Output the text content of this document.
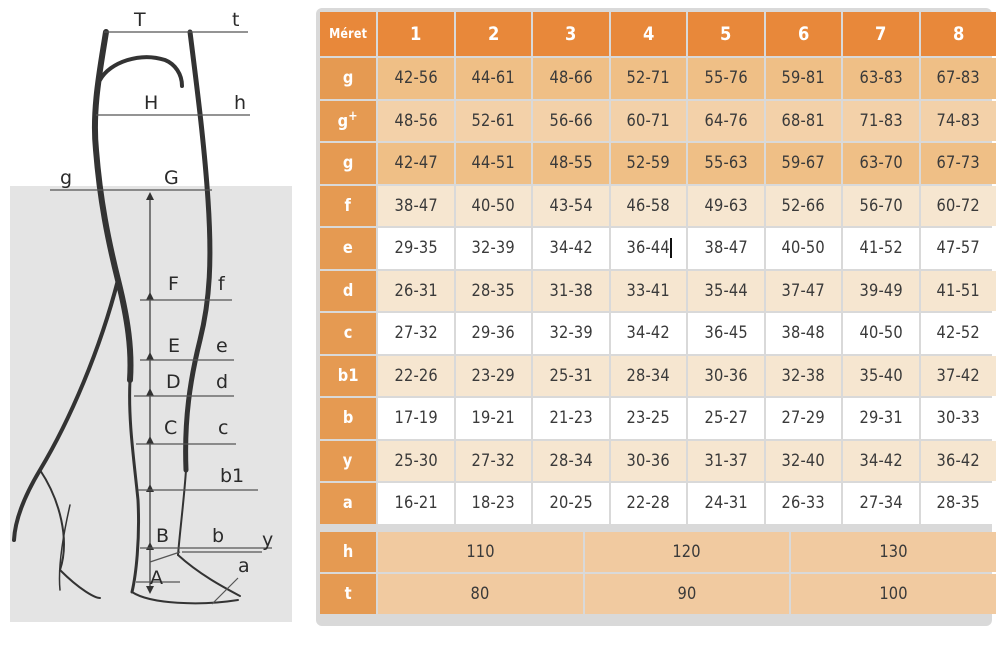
T	t
H	h
g	G
F f
E e
D d
C c
b1
B b y
A
a
Méret 1	2	3	4	5	6	7	8
g 42-56 44-61 48-66 52-71 55-76 59-81 63-83 67-83
g+ 48-56 52-61 56-66 60-71 64-76 68-81 71-83 74-83
g 42-47 44-51 48-55 52-59 55-63 59-67 63-70 67-73
f	38-47 40-50 43-54 46-58 49-63 52-66 56-70 60-72
e 29-35 32-39 34-42 36-44 38-47 40-50 41-52 47-57
d 26-31 28-35 31-38 33-41 35-44 37-47 39-49 41-51
c 27-32 29-36 32-39 34-42 36-45 38-48 40-50 42-52
b1 22-26 23-29 25-31 28-34 30-36 32-38 35-40 37-42
b 17-19 19-21 21-23 23-25 25-27 27-29 29-31 30-33
y 25-30 27-32 28-34 30-36 31-37 32-40 34-42 36-42
a 16-21 18-23 20-25 22-28 24-31 26-33 27-34 28-35
h	110	120	130
t	80	90	100
